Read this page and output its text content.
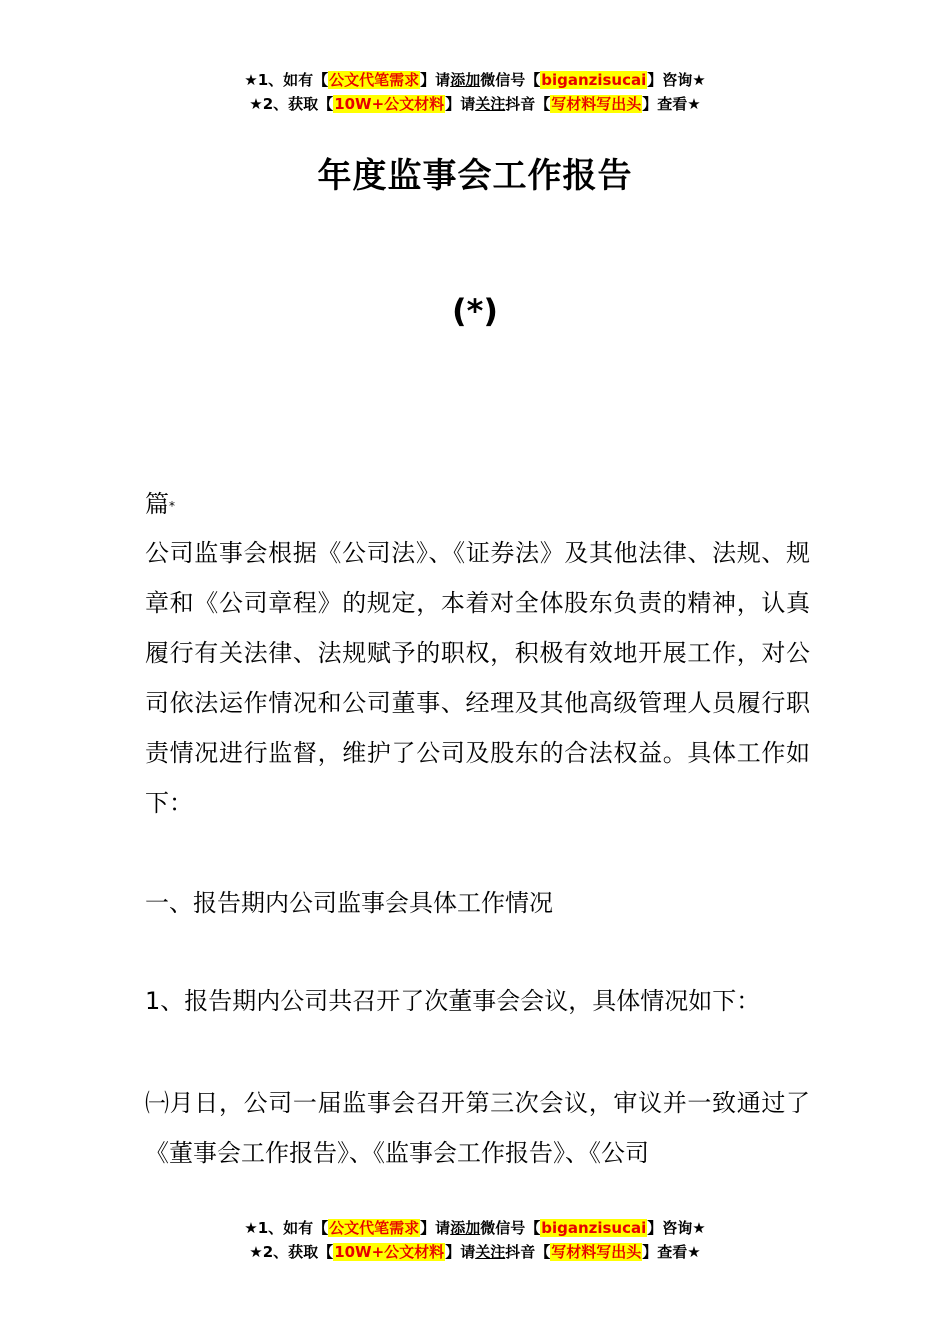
★1、如有【公文代笔需求】请添加微信号【biganzisucai】咨询★
★2、获取【10W+公文材料】请关注抖音【写材料写出头】查看★
年度监事会工作报告
(*)
篇*

公司监事会根据《公司法》、《证券法》及其他法律、法规、规章和《公司章程》的规定，本着对全体股东负责的精神，认真履行有关法律、法规赋予的职权，积极有效地开展工作，对公司依法运作情况和公司董事、经理及其他高级管理人员履行职责情况进行监督，维护了公司及股东的合法权益。具体工作如下：

一、报告期内公司监事会具体工作情况

1、报告期内公司共召开了次董事会会议，具体情况如下：

㈠月日，公司一届监事会召开第三次会议，审议并一致通过了《董事会工作报告》、《监事会工作报告》、《公司

★1、如有【公文代笔需求】请添加微信号【biganzisucai】咨询★
★2、获取【10W+公文材料】请关注抖音【写材料写出头】查看★
